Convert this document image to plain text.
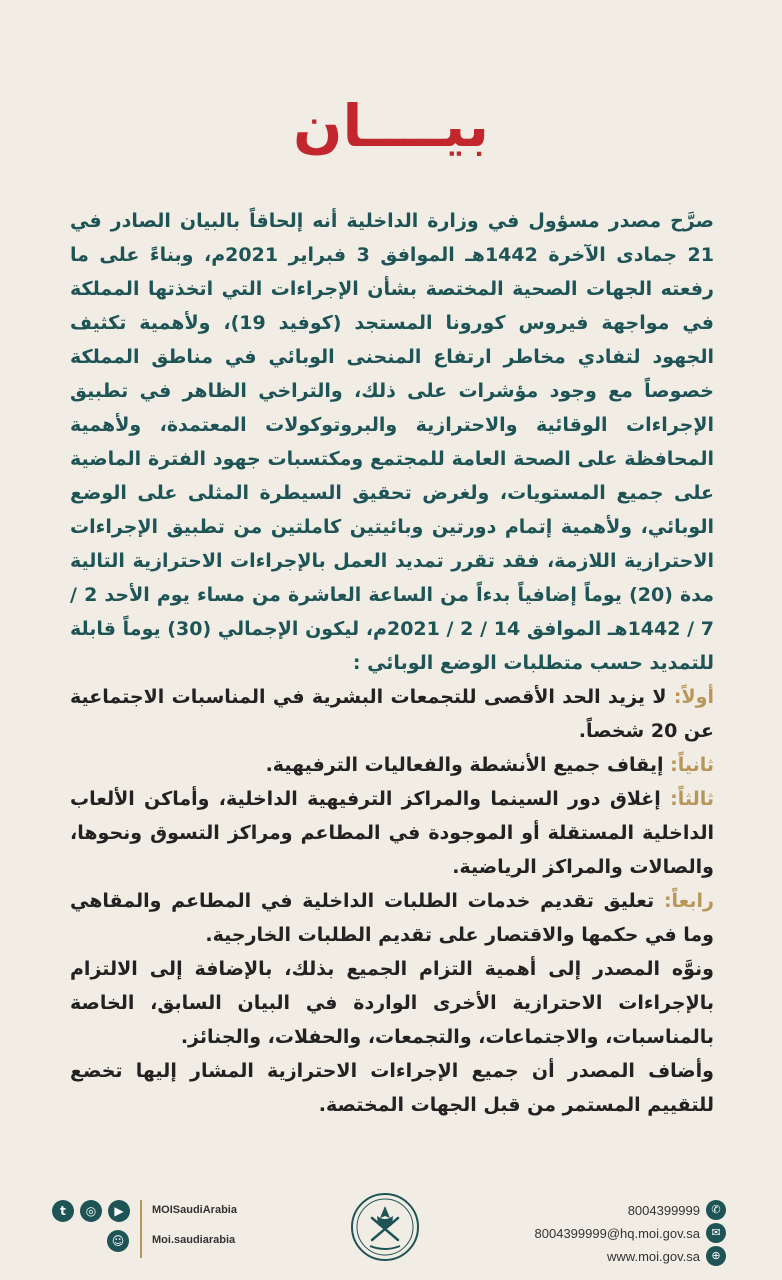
بيــــان
صرَّح مصدر مسؤول في وزارة الداخلية أنه إلحاقاً بالبيان الصادر في 21 جمادى الآخرة 1442هـ الموافق 3 فبراير 2021م، وبناءً على ما رفعته الجهات الصحية المختصة بشأن الإجراءات التي اتخذتها المملكة في مواجهة فيروس كورونا المستجد (كوفيد 19)، ولأهمية تكثيف الجهود لتفادي مخاطر ارتفاع المنحنى الوبائي في مناطق المملكة خصوصاً مع وجود مؤشرات على ذلك، والتراخي الظاهر في تطبيق الإجراءات الوقائية والاحترازية والبروتوكولات المعتمدة، ولأهمية المحافظة على الصحة العامة للمجتمع ومكتسبات جهود الفترة الماضية على جميع المستويات، ولغرض تحقيق السيطرة المثلى على الوضع الوبائي، ولأهمية إتمام دورتين وبائيتين كاملتين من تطبيق الإجراءات الاحترازية اللازمة، فقد تقرر تمديد العمل بالإجراءات الاحترازية التالية مدة (20) يوماً إضافياً بدءاً من الساعة العاشرة من مساء يوم الأحد 2 / 7 / 1442هـ الموافق 14 / 2 / 2021م، ليكون الإجمالي (30) يوماً قابلة للتمديد حسب متطلبات الوضع الوبائي :

أولاً: لا يزيد الحد الأقصى للتجمعات البشرية في المناسبات الاجتماعية عن 20 شخصاً.

ثانياً: إيقاف جميع الأنشطة والفعاليات الترفيهية.

ثالثاً: إغلاق دور السينما والمراكز الترفيهية الداخلية، وأماكن الألعاب الداخلية المستقلة أو الموجودة في المطاعم ومراكز التسوق ونحوها، والصالات والمراكز الرياضية.

رابعاً: تعليق تقديم خدمات الطلبات الداخلية في المطاعم والمقاهي وما في حكمها والاقتصار على تقديم الطلبات الخارجية.

ونوَّه المصدر إلى أهمية التزام الجميع بذلك، بالإضافة إلى الالتزام بالإجراءات الاحترازية الأخرى الواردة في البيان السابق، الخاصة بالمناسبات، والاجتماعات، والتجمعات، والحفلات، والجنائز.

وأضاف المصدر أن جميع الإجراءات الاحترازية المشار إليها تخضع للتقييم المستمر من قبل الجهات المختصة.

t	◎	▶	MOISaudiArabia
☺	Moi.saudiarabia
8004399999	✆
8004399999@hq.moi.gov.sa	✉
www.moi.gov.sa	⊕
